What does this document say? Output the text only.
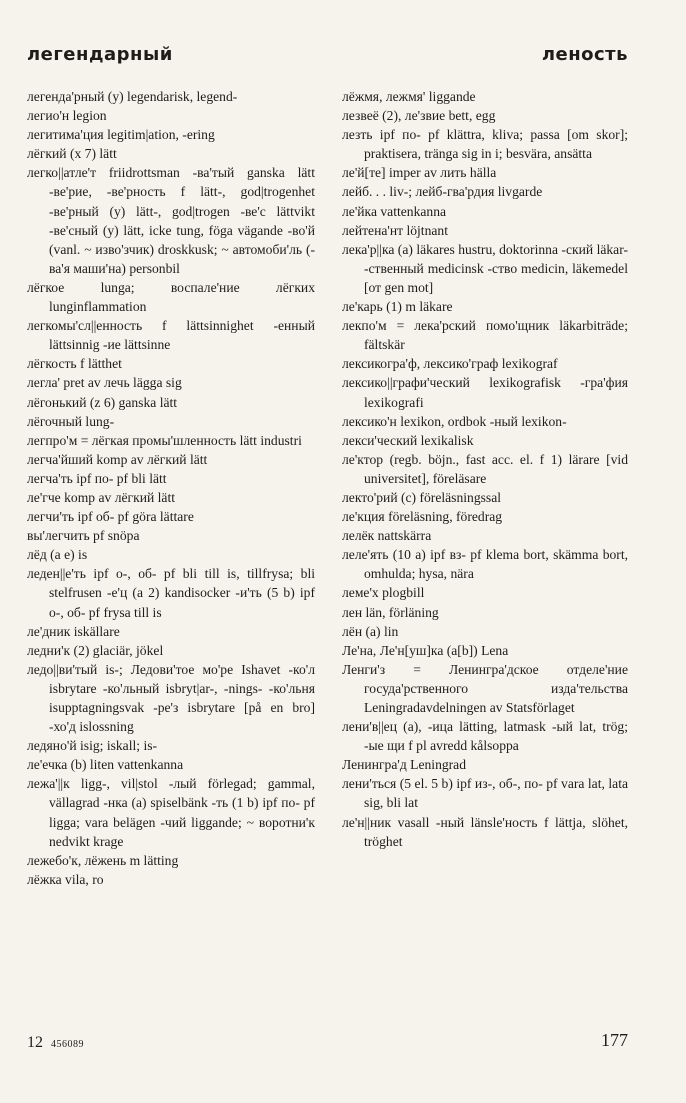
легендарный	леность

легенда'рный (у) legendarisk, legend-

легио'н legion

легитима'ция legitim|ation, -ering

лёгкий (x 7) lätt

легко||атле'т friidrottsman -ва'тый ganska lätt -ве'рие, -ве'рность f lätt-, god|trogenhet -ве'рный (y) lätt-, god|trogen -ве'с lättvikt -ве'сный (y) lätt, icke tung, föga vägande -во'й (vanl. ~ изво'зчик) droskkusk; ~ автомоби'ль (-ва'я маши'на) personbil

лёгкое lunga; воспале'ние лёгких lunginflammation

легкомы'сл||енность f lättsinnighet -енный lättsinnig -ие lättsinne

лёгкость f lätthet

легла' pret av лечь lägga sig

лёгонький (z 6) ganska lätt

лёгочный lung-

легпро'м = лёгкая промы'шленность lätt industri

легча'йший komp av лёгкий lätt

легча'ть ipf по- pf bli lätt

ле'гче komp av лёгкий lätt

легчи'ть ipf об- pf göra lättare

вы'легчить pf snöpa

лёд (а е) is

леден||е'ть ipf о-, об- pf bli till is, tillfrysa; bli stelfrusen -е'ц (а 2) kandisocker -и'ть (5 b) ipf о-, об- pf frysa till is

ле'дник iskällare

ледни'к (2) glaciär, jökel

ледо||ви'тый is-; Ледови'тое мо'ре Ishavet -ко'л isbrytare -ко'льный isbryt|ar-, -nings- -ко'льня isupptagningsvak -ре'з isbrytare [på en bro] -хо'д islossning

ледяно'й isig; iskall; is-

ле'ечка (b) liten vattenkanna

лежа'||к ligg-, vil|stol -лый förlegad; gammal, vällagrad -нка (a) spiselbänk -ть (1 b) ipf по- pf ligga; vara belägen -чий liggande; ~ воротни'к nedvikt krage

лежебо'к, лёжень m lätting

лёжка vila, ro

лёжмя, лежмя' liggande

лезвеё (2), ле'звие bett, egg

лезть ipf по- pf klättra, kliva; passa [om skor]; praktisera, tränga sig in i; besvära, ansätta

ле'й[те] imper av лить hälla

лейб. . . liv-; лейб-гва'рдия livgarde

ле'йка vattenkanna

лейтена'нт löjtnant

лека'р||ка (a) läkares hustru, doktorinna -ский läkar- -ственный medicinsk -ство medicin, läkemedel [от gen mot]

ле'карь (1) m läkare

лекпо'м = лека'рский помо'щник läkarbiträde; fältskär

лексикогра'ф, лексико'граф lexikograf

лексико||графи'ческий lexikografisk -гра'фия lexikografi

лексико'н lexikon, ordbok -ный lexikon-

лекси'ческий lexikalisk

ле'ктор (regb. böjn., fast acc. el. f 1) lärare [vid universitet], föreläsare

лекто'рий (c) föreläsningssal

ле'кция föreläsning, föredrag

лелёк nattskärra

леле'ять (10 a) ipf вз- pf klema bort, skämma bort, omhulda; hysa, nära

леме'х plogbill

лен län, förläning

лён (a) lin

Ле'на, Ле'н[уш]ка (a[b]) Lena

Ленги'з = Ленингра'дское отделе'ние госуда'рственного изда'тельства Leningradavdelningen av Statsförlaget

лени'в||ец (a), -ица lätting, latmask -ый lat, trög; -ые щи f pl avredd kålsoppa

Ленингра'д Leningrad

лени'ться (5 el. 5 b) ipf из-, об-, по- pf vara lat, lata sig, bli lat

ле'н||ник vasall -ный länsle'ность f lättja, slöhet, tröghet

12 456089	177
